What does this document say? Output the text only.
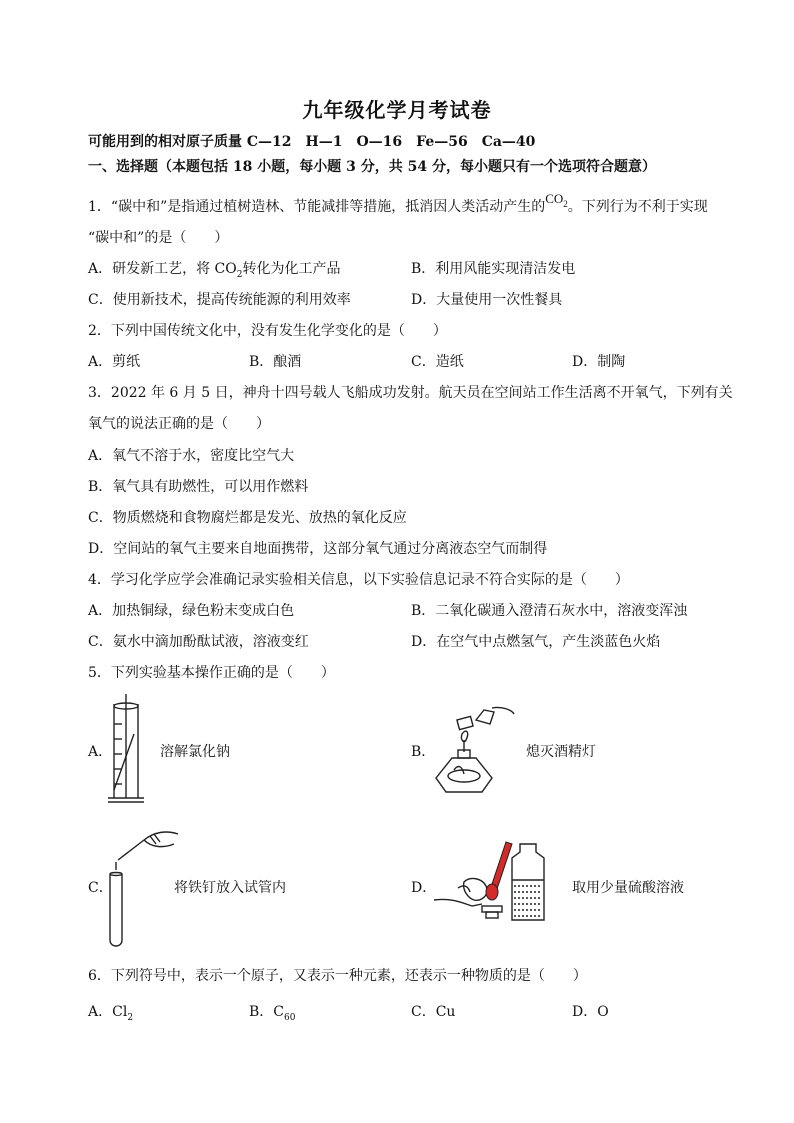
九年级化学月考试卷
可能用到的相对原子质量 C—12　H—1　O—16　Fe—56　Ca—40
一、选择题（本题包括 18 小题，每小题 3 分，共 54 分，每小题只有一个选项符合题意）
1．“碳中和”是指通过植树造林、节能减排等措施，抵消因人类活动产生的$CO_2$。下列行为不利于实现
“碳中和”的是（　　）
A．研发新工艺，将 $CO_2$转化为化工产品	B．利用风能实现清洁发电
C．使用新技术，提高传统能源的利用效率	D．大量使用一次性餐具
2．下列中国传统文化中，没有发生化学变化的是（　　）
A．剪纸	B．酿酒	C．造纸	D．制陶
3．2022 年 6 月 5 日，神舟十四号载人飞船成功发射。航天员在空间站工作生活离不开氧气，下列有关
氧气的说法正确的是（　　）
A．氧气不溶于水，密度比空气大
B．氧气具有助燃性，可以用作燃料
C．物质燃烧和食物腐烂都是发光、放热的氧化反应
D．空间站的氧气主要来自地面携带，这部分氧气通过分离液态空气而制得
4．学习化学应学会准确记录实验相关信息，以下实验信息记录不符合实际的是（　　）
A．加热铜绿，绿色粉末变成白色	B．二氧化碳通入澄清石灰水中，溶液变浑浊
C．氨水中滴加酚酞试液，溶液变红	D．在空气中点燃氢气，产生淡蓝色火焰
5．下列实验基本操作正确的是（　　）
A．	溶解氯化钠	B．	熄灭酒精灯
C．	将铁钉放入试管内	D．	取用少量硫酸溶液
6．下列符号中，表示一个原子，又表示一种元素，还表示一种物质的是（　　）
A．$Cl_2$	B．$C_{60}$	C．Cu	D．O
